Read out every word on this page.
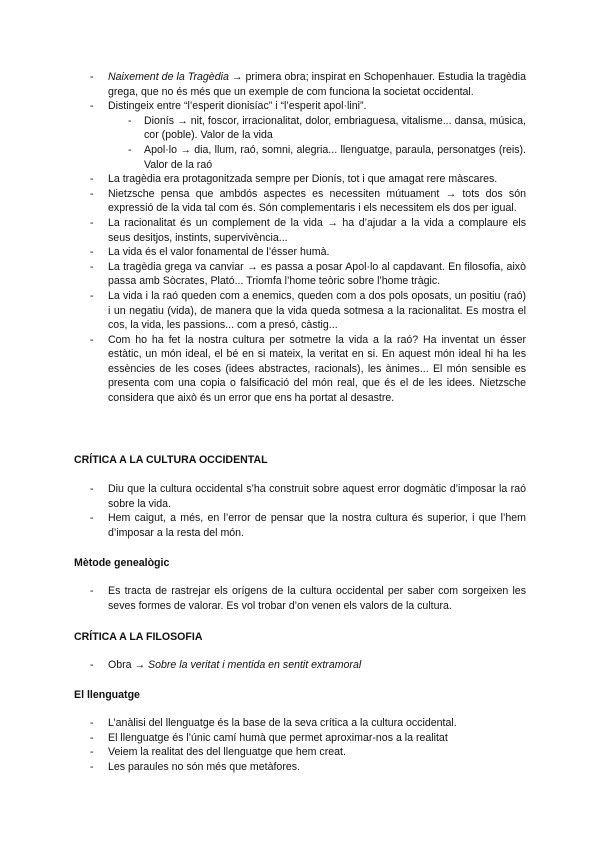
- Naixement de la Tragèdia → primera obra; inspirat en Schopenhauer. Estudia la tragèdia grega, que no és més que un exemple de com funciona la societat occidental.
- Distingeix entre “l’esperit dionisíac” i “l’esperit apol·lini”.
- Dionís → nit, foscor, irracionalitat, dolor, embriaguesa, vitalisme... dansa, música, cor (poble). Valor de la vida
- Apol·lo → dia, llum, raó, somni, alegria... llenguatge, paraula, personatges (reis). Valor de la raó
- La tragèdia era protagonitzada sempre per Dionís, tot i que amagat rere màscares.
- Nietzsche pensa que ambdós aspectes es necessiten mútuament → tots dos són expressió de la vida tal com és. Són complementaris i els necessitem els dos per igual.
- La racionalitat és un complement de la vida → ha d’ajudar a la vida a complaure els seus desitjos, instints, supervivència...
- La vida és el valor fonamental de l’ésser humà.
- La tragèdia grega va canviar → es passa a posar Apol·lo al capdavant. En filosofia, això passa amb Sòcrates, Plató... Triomfa l’home teòric sobre l’home tràgic.
- La vida i la raó queden com a enemics, queden com a dos pols oposats, un positiu (raó) i un negatiu (vida), de manera que la vida queda sotmesa a la racionalitat. Es mostra el cos, la vida, les passions... com a presó, càstig...
- Com ho ha fet la nostra cultura per sotmetre la vida a la raó? Ha inventat un ésser estàtic, un món ideal, el bé en si mateix, la veritat en si. En aquest món ideal hi ha les essències de les coses (idees abstractes, racionals), les ànimes... El món sensible es presenta com una copia o falsificació del món real, que és el de les idees. Nietzsche considera que això és un error que ens ha portat al desastre.
CRÍTICA A LA CULTURA OCCIDENTAL
- Diu que la cultura occidental s’ha construit sobre aquest error dogmàtic d’imposar la raó sobre la vida.
- Hem caigut, a més, en l’error de pensar que la nostra cultura és superior, i que l’hem d’imposar a la resta del món.
Mètode genealògic
- Es tracta de rastrejar els orígens de la cultura occidental per saber com sorgeixen les seves formes de valorar. Es vol trobar d’on venen els valors de la cultura.
CRÍTICA A LA FILOSOFIA
- Obra → Sobre la veritat i mentida en sentit extramoral
El llenguatge
- L’anàlisi del llenguatge és la base de la seva crítica a la cultura occidental.
- El llenguatge és l’únic camí humà que permet aproximar-nos a la realitat
- Veiem la realitat des del llenguatge que hem creat.
- Les paraules no són més que metàfores.
